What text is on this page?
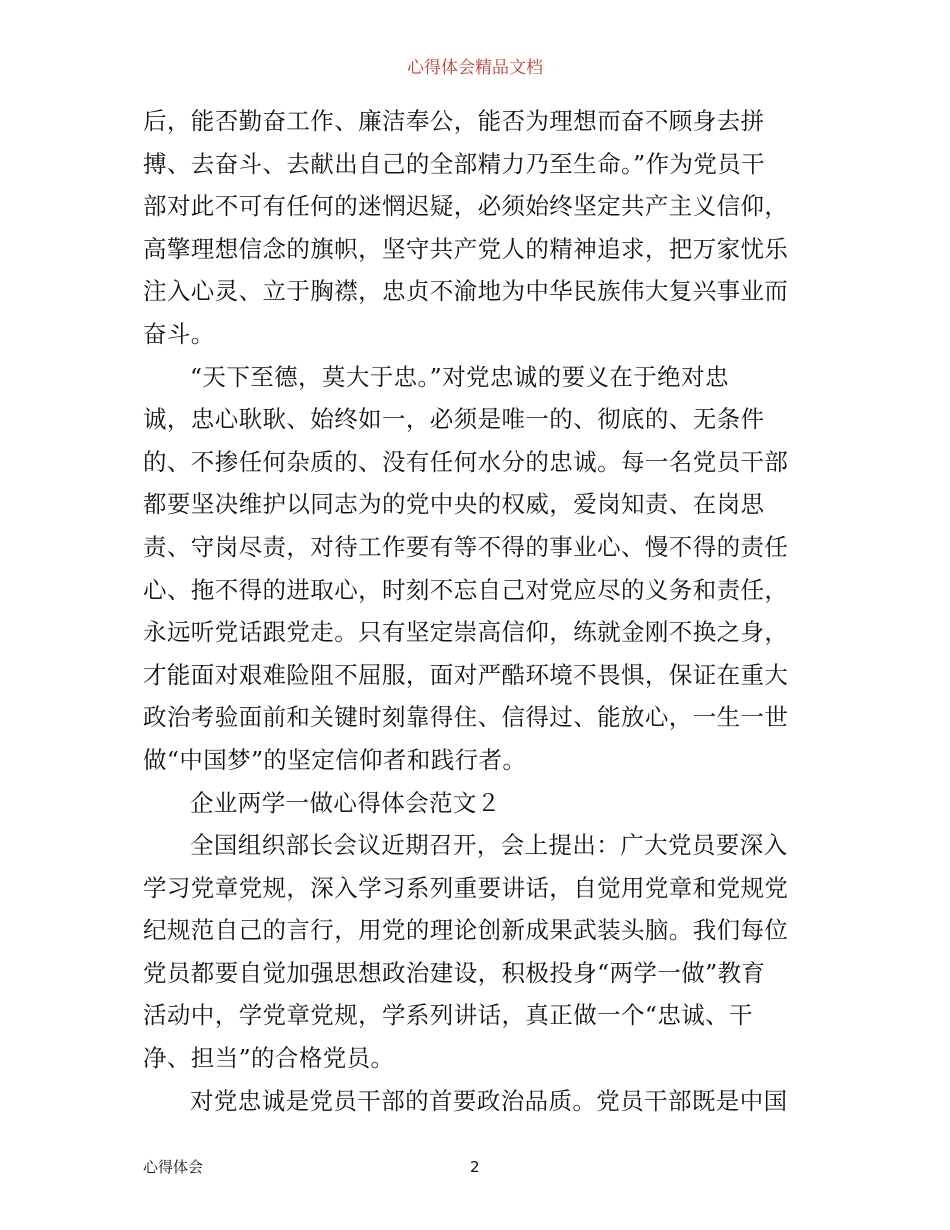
心得体会精品文档
后，能否勤奋工作、廉洁奉公，能否为理想而奋不顾身去拼
搏、去奋斗、去献出自己的全部精力乃至生命。”作为党员干
部对此不可有任何的迷惘迟疑，必须始终坚定共产主义信仰，
高擎理想信念的旗帜，坚守共产党人的精神追求，把万家忧乐
注入心灵、立于胸襟，忠贞不渝地为中华民族伟大复兴事业而
奋斗。
“天下至德，莫大于忠。”对党忠诚的要义在于绝对忠
诚，忠心耿耿、始终如一，必须是唯一的、彻底的、无条件
的、不掺任何杂质的、没有任何水分的忠诚。每一名党员干部
都要坚决维护以同志为的党中央的权威，爱岗知责、在岗思
责、守岗尽责，对待工作要有等不得的事业心、慢不得的责任
心、拖不得的进取心，时刻不忘自己对党应尽的义务和责任，
永远听党话跟党走。只有坚定崇高信仰，练就金刚不换之身，
才能面对艰难险阻不屈服，面对严酷环境不畏惧，保证在重大
政治考验面前和关键时刻靠得住、信得过、能放心，一生一世
做“中国梦”的坚定信仰者和践行者。
企业两学一做心得体会范文２
全国组织部长会议近期召开，会上提出：广大党员要深入
学习党章党规，深入学习系列重要讲话，自觉用党章和党规党
纪规范自己的言行，用党的理论创新成果武装头脑。我们每位
党员都要自觉加强思想政治建设，积极投身“两学一做”教育
活动中，学党章党规，学系列讲话，真正做一个“忠诚、干
净、担当”的合格党员。
对党忠诚是党员干部的首要政治品质。党员干部既是中国
心得体会	2
